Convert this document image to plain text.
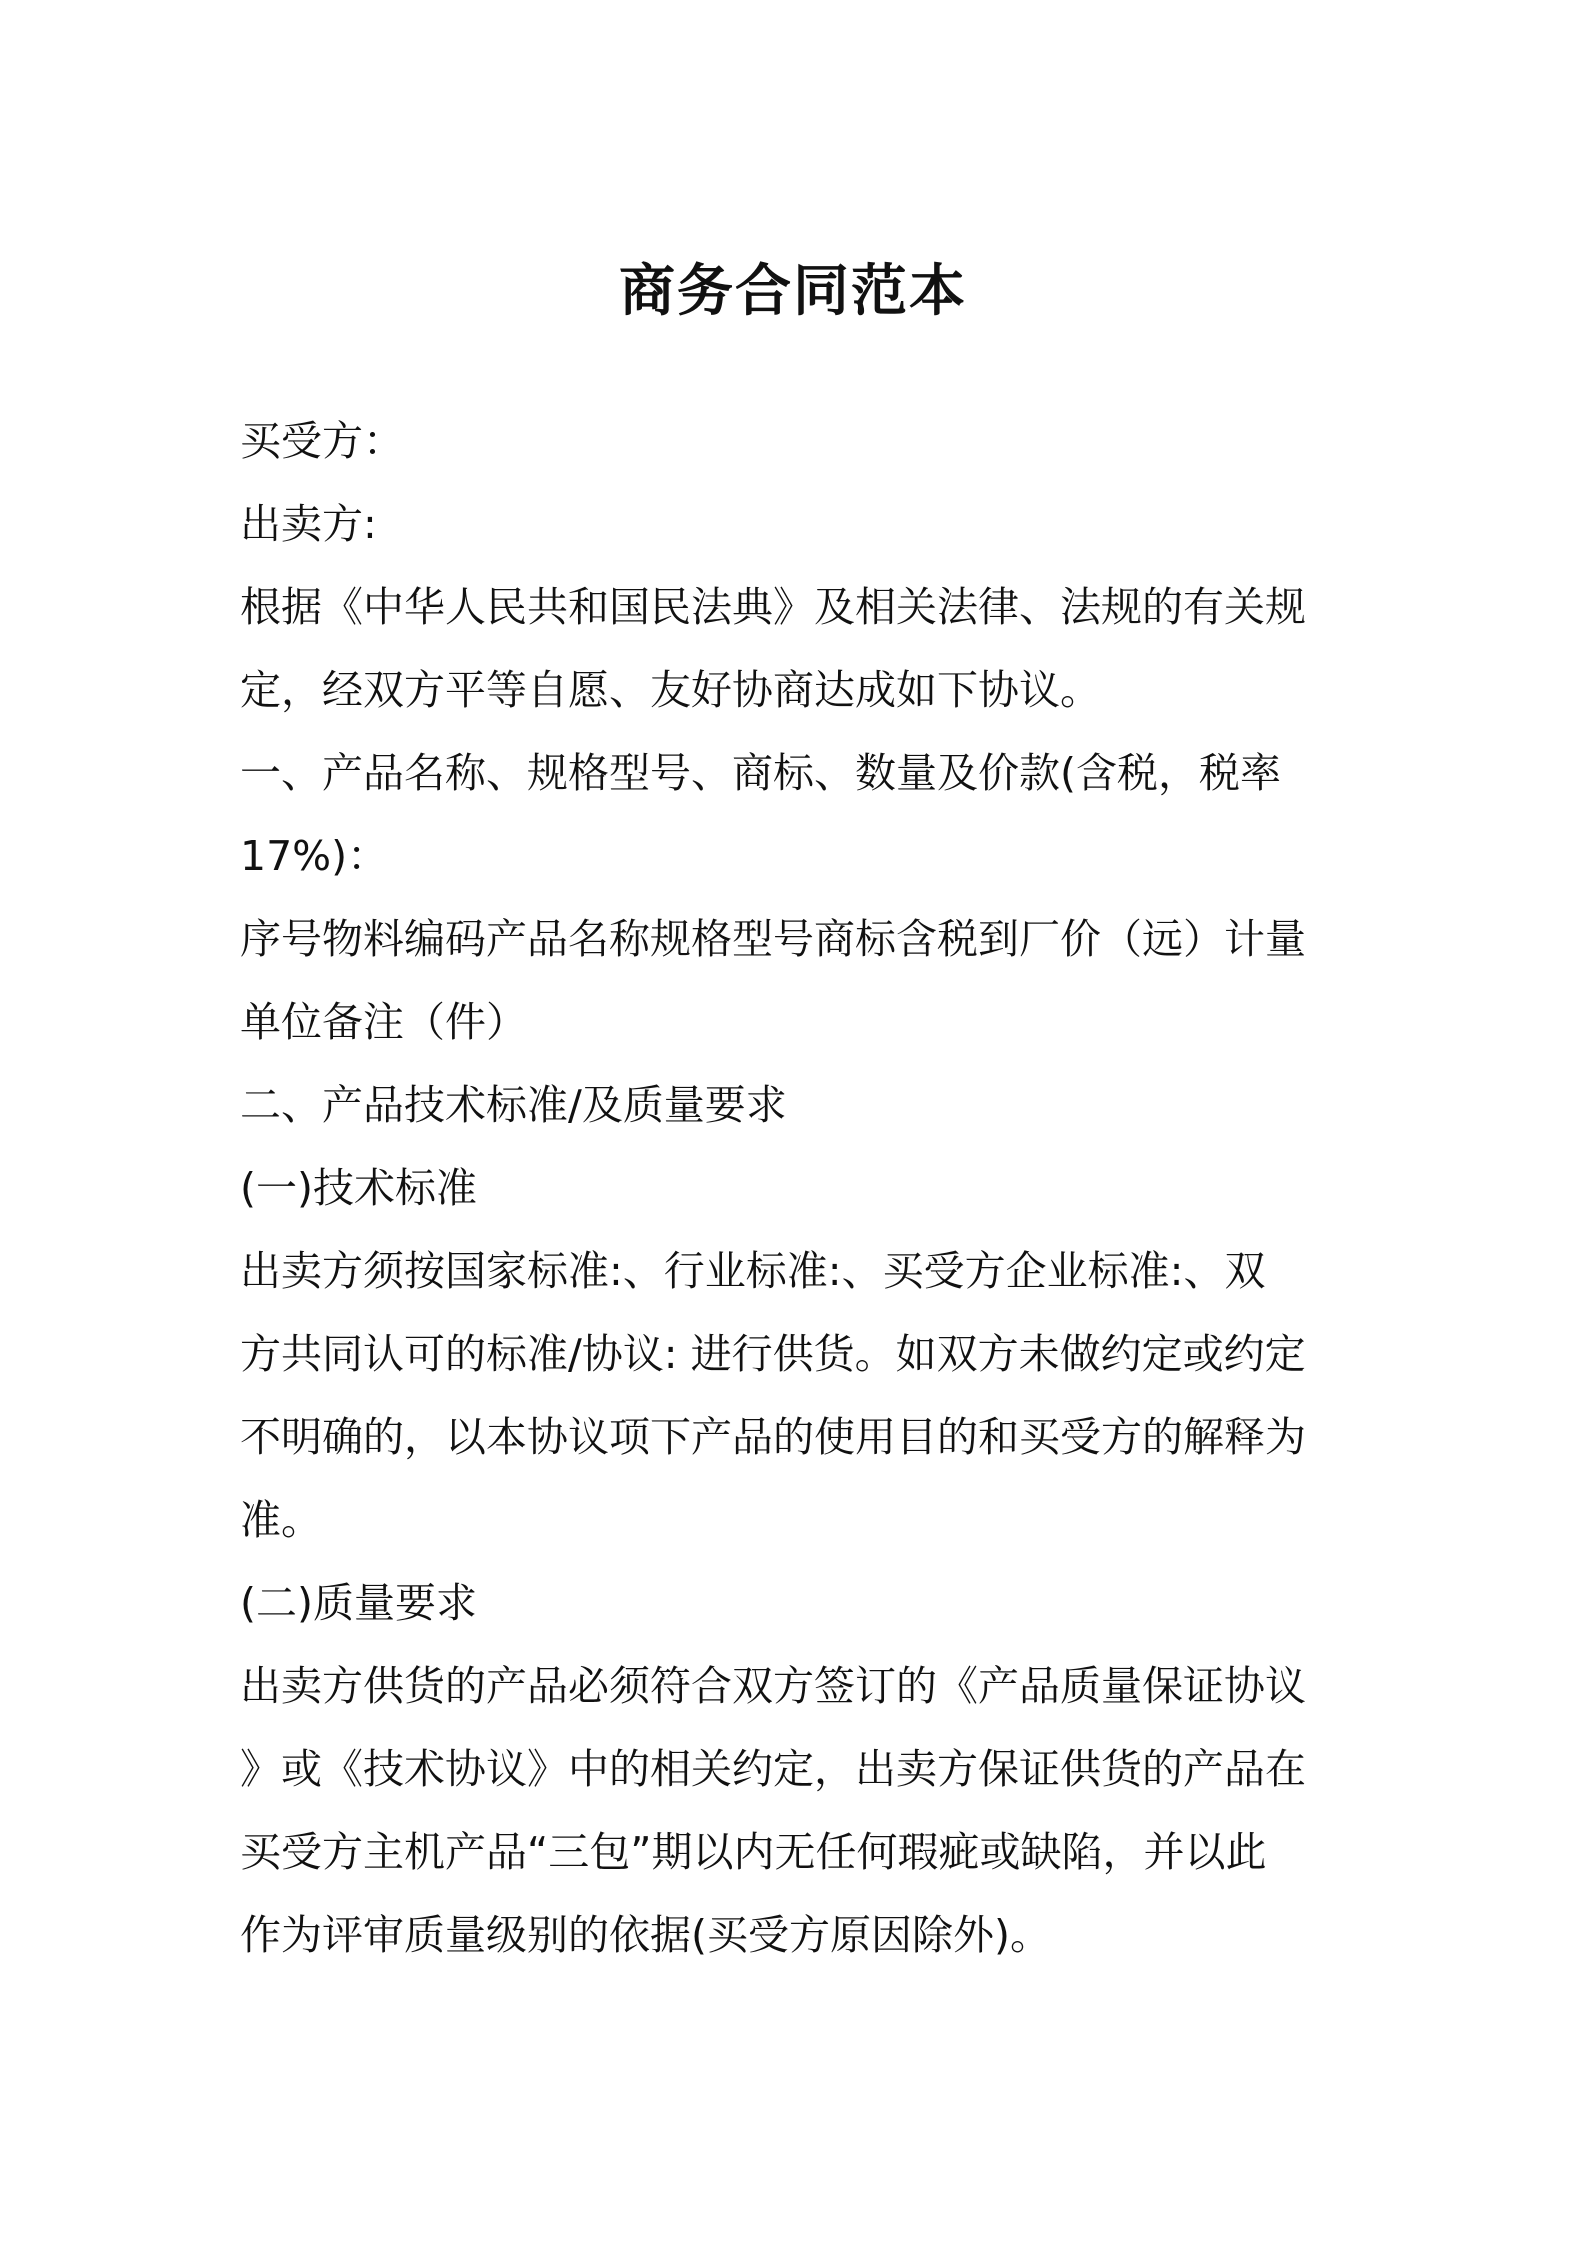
商务合同范本
买受方：
出卖方:
根据《中华人民共和国民法典》及相关法律、法规的有关规
定，经双方平等自愿、友好协商达成如下协议。
一、产品名称、规格型号、商标、数量及价款(含税，税率
17%)：
序号物料编码产品名称规格型号商标含税到厂价（远）计量
单位备注（件）
二、产品技术标准/及质量要求
(一)技术标准
出卖方须按国家标准:、行业标准:、买受方企业标准:、双
方共同认可的标准/协议: 进行供货。如双方未做约定或约定
不明确的，以本协议项下产品的使用目的和买受方的解释为
准。
(二)质量要求
出卖方供货的产品必须符合双方签订的《产品质量保证协议
》或《技术协议》中的相关约定，出卖方保证供货的产品在
买受方主机产品“三包”期以内无任何瑕疵或缺陷，并以此
作为评审质量级别的依据(买受方原因除外)。
